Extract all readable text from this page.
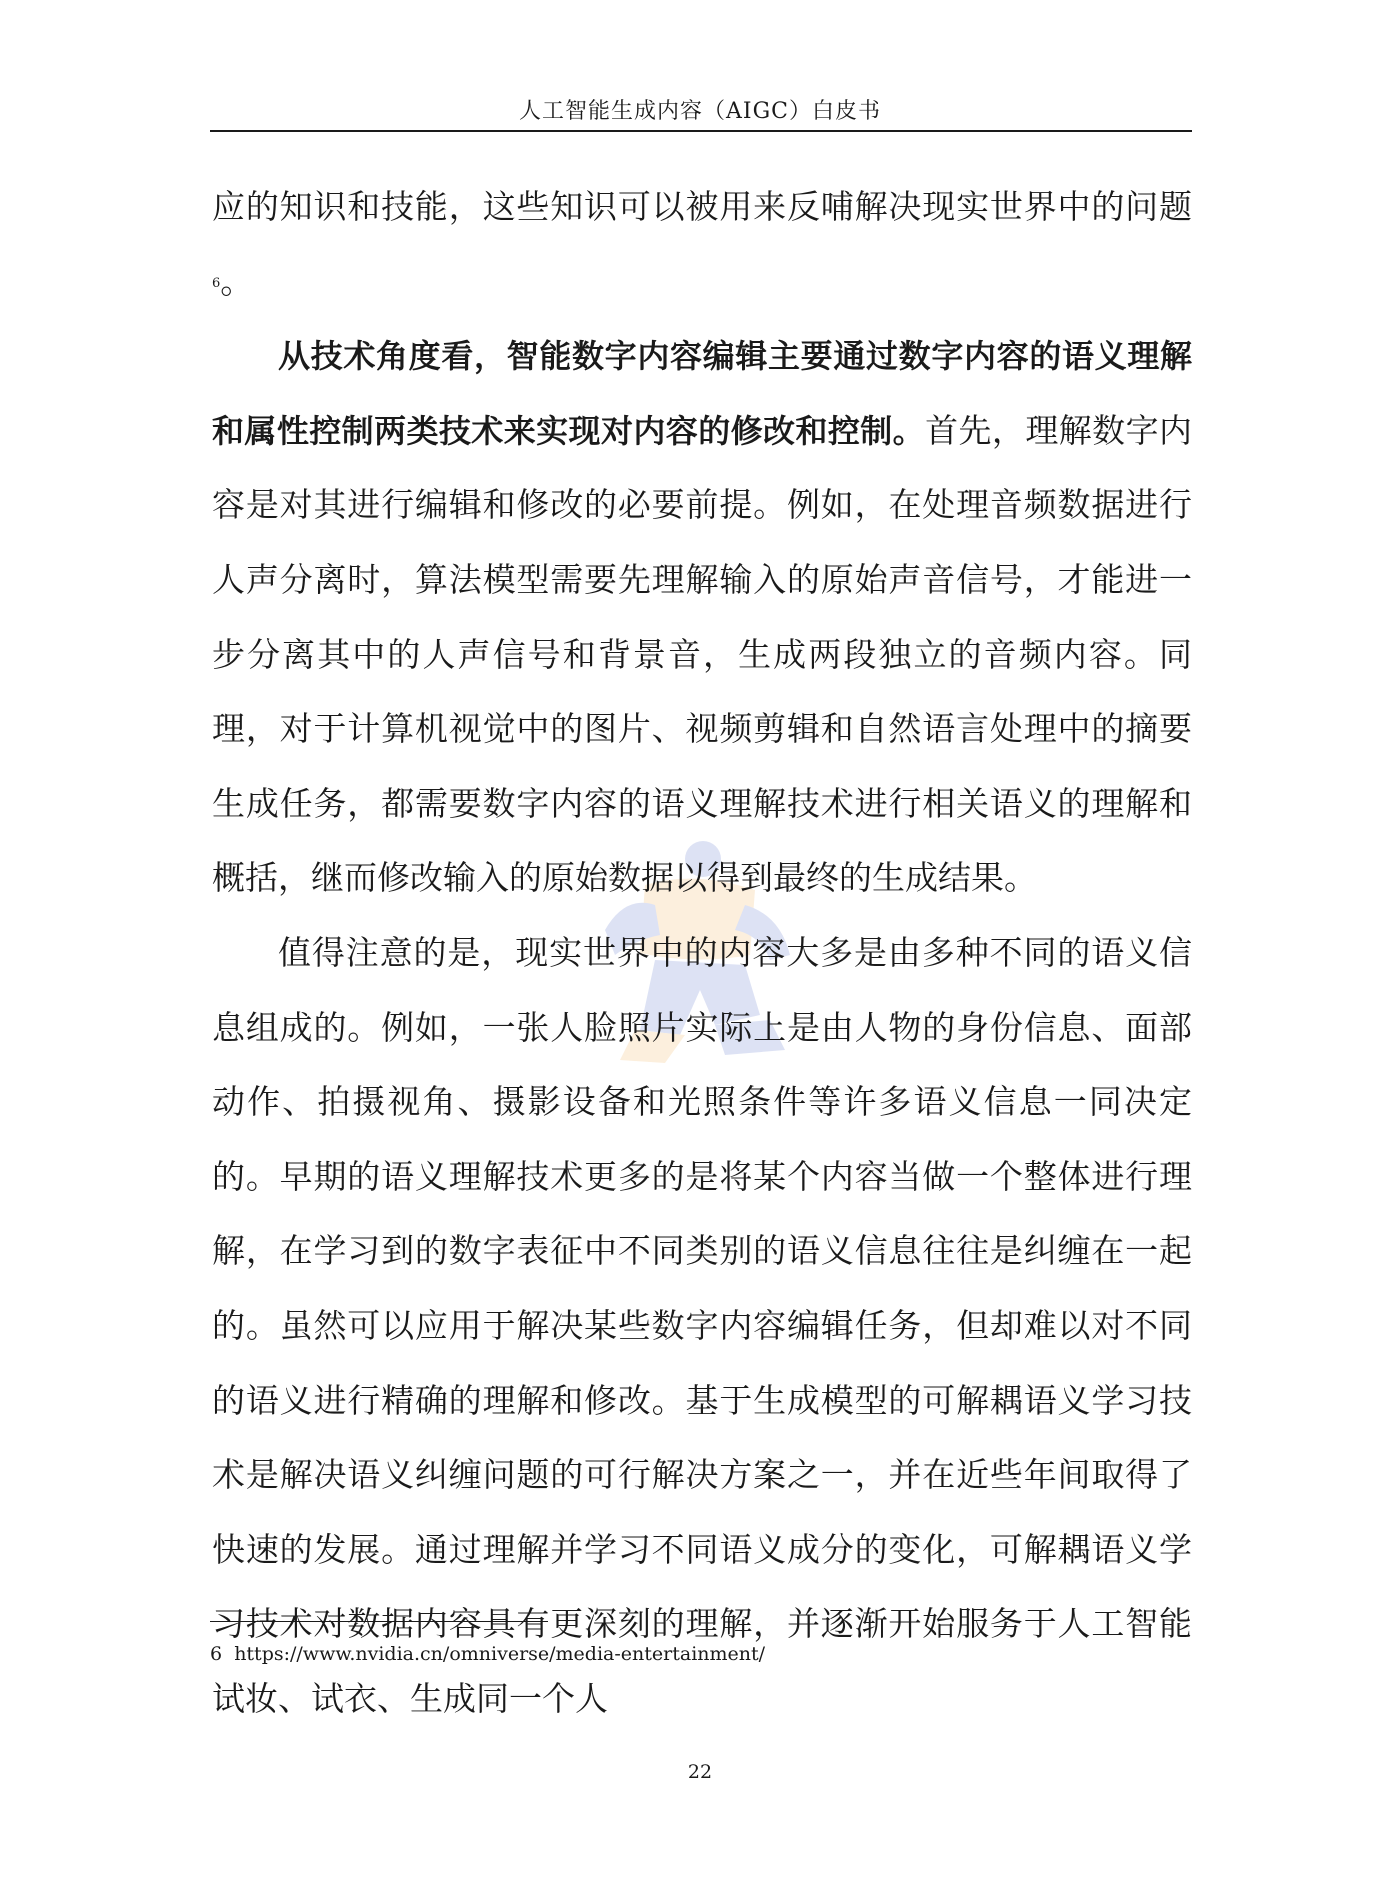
人工智能生成内容（AIGC）白皮书

应的知识和技能，这些知识可以被用来反哺解决现实世界中的问题$^6$。

从技术角度看，智能数字内容编辑主要通过数字内容的语义理解和属性控制两类技术来实现对内容的修改和控制。首先，理解数字内容是对其进行编辑和修改的必要前提。例如，在处理音频数据进行人声分离时，算法模型需要先理解输入的原始声音信号，才能进一步分离其中的人声信号和背景音，生成两段独立的音频内容。同理，对于计算机视觉中的图片、视频剪辑和自然语言处理中的摘要生成任务，都需要数字内容的语义理解技术进行相关语义的理解和概括，继而修改输入的原始数据以得到最终的生成结果。

值得注意的是，现实世界中的内容大多是由多种不同的语义信息组成的。例如，一张人脸照片实际上是由人物的身份信息、面部动作、拍摄视角、摄影设备和光照条件等许多语义信息一同决定的。早期的语义理解技术更多的是将某个内容当做一个整体进行理解，在学习到的数字表征中不同类别的语义信息往往是纠缠在一起的。虽然可以应用于解决某些数字内容编辑任务，但却难以对不同的语义进行精确的理解和修改。基于生成模型的可解耦语义学习技术是解决语义纠缠问题的可行解决方案之一，并在近些年间取得了快速的发展。通过理解并学习不同语义成分的变化，可解耦语义学习技术对数据内容具有更深刻的理解，并逐渐开始服务于人工智能试妆、试衣、生成同一个人

6 https://www.nvidia.cn/omniverse/media-entertainment/
22
